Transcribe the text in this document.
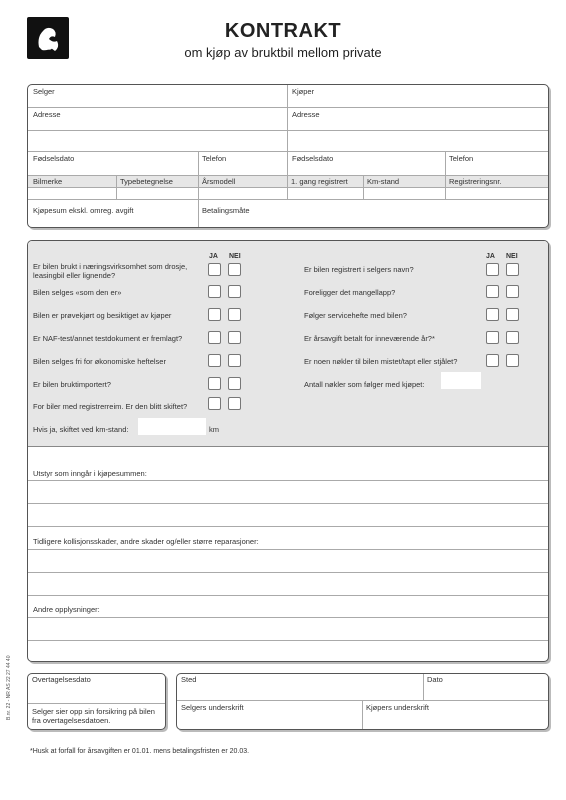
KONTRAKT
om kjøp av bruktbil mellom private
Selger	Kjøper
Adresse	Adresse
Fødselsdato	Telefon	Fødselsdato	Telefon
Bilmerke	Typebetegnelse	Årsmodell	1. gang registrert	Km-stand	Registreringsnr.
Kjøpesum ekskl. omreg. avgift	Betalingsmåte
JA NEI	JA NEI
Er bilen brukt i næringsvirksomhet som drosje, leasingbil eller lignende?
Bilen selges «som den er»
Bilen er prøvekjørt og besiktiget av kjøper
Er NAF-test/annet testdokument er fremlagt?
Bilen selges fri for økonomiske heftelser
Er bilen bruktimportert?
For biler med registrerreim. Er den blitt skiftet?
Hvis ja, skiftet ved km-stand:	km
Er bilen registrert i selgers navn?
Foreligger det mangellapp?
Følger servicehefte med bilen?
Er årsavgift betalt for inneværende år?*
Er noen nøkler til bilen mistet/tapt eller stjålet?
Antall nøkler som følger med kjøpet:
Utstyr som inngår i kjøpesummen:
Tidligere kollisjonsskader, andre skader og/eller større reparasjoner:
Andre opplysninger:
Overtagelsesdato
Selger sier opp sin forsikring på bilen fra overtagelsesdatoen.
Sted	Dato
Selgers underskrift	Kjøpers underskrift
*Husk at forfall for årsavgiften er 01.01. mens betalingsfristen er 20.03.
B.nr. 22 - NR AS 22 27 44 40
